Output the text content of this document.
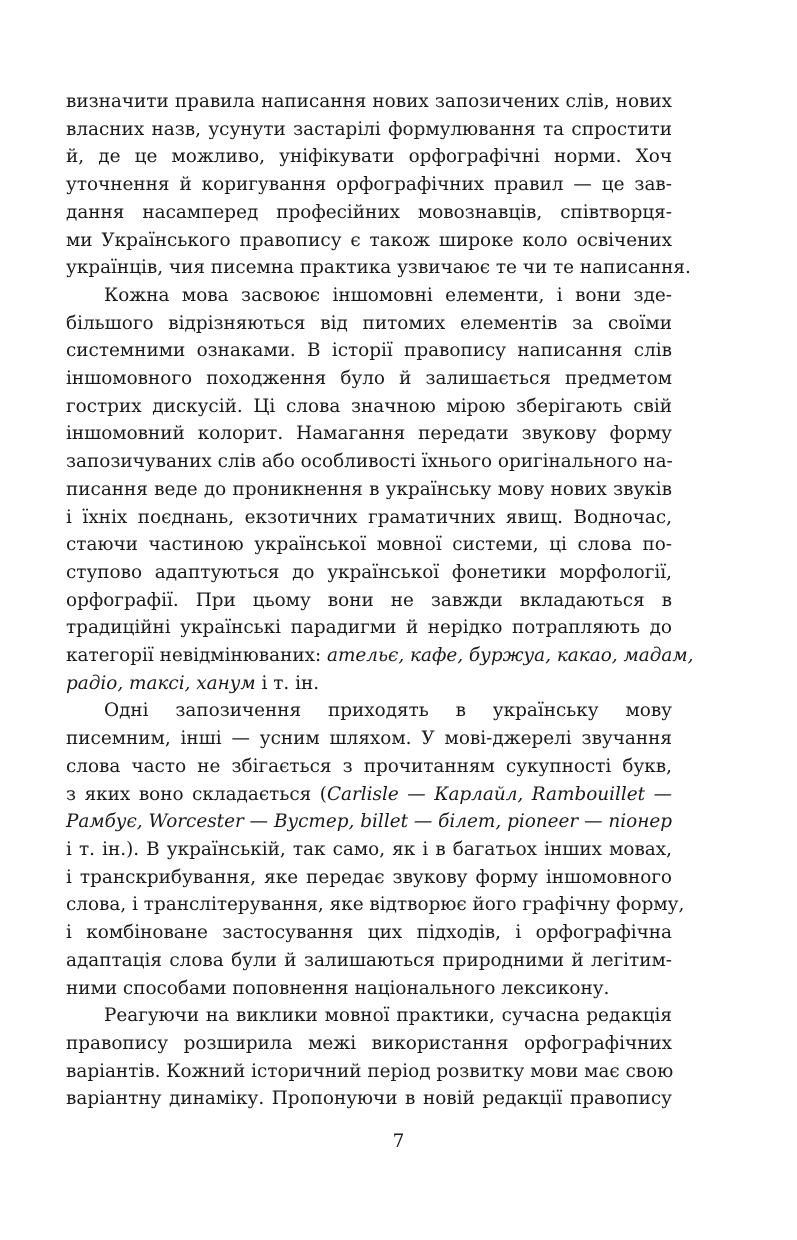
визначити правила написання нових запозичених слів, нових
власних назв, усунути застарілі формулювання та спростити
й, де це можливо, уніфікувати орфографічні норми. Хоч
уточнення й коригування орфографічних правил — це зав-
дання насамперед професійних мовознавців, співтворця-
ми Українського правопису є також широке коло освічених
українців, чия писемна практика узвичаює те чи те написання.
Кожна мова засвоює іншомовні елементи, і вони зде-
більшого відрізняються від питомих елементів за своїми
системними ознаками. В історії правопису написання слів
іншомовного походження було й залишається предметом
гострих дискусій. Ці слова значною мірою зберігають свій
іншомовний колорит. Намагання передати звукову форму
запозичуваних слів або особливості їхнього оригінального на-
писання веде до проникнення в українську мову нових звуків
і їхніх поєднань, екзотичних граматичних явищ. Водночас,
стаючи частиною української мовної системи, ці слова по-
ступово адаптуються до української фонетики морфології,
орфографії. При цьому вони не завжди вкладаються в
традиційні українські парадигми й нерідко потрапляють до
категорії невідмінюваних: ательє, кафе, буржуа, какао, мадам,
радіо, таксі, ханум і т. ін.
Одні запозичення приходять в українську мову
писемним, інші — усним шляхом. У мові-джерелі звучання
слова часто не збігається з прочитанням сукупності букв,
з яких воно складається (Carlisle — Карлайл, Rambouillet —
Рамбує, Worcester — Вустер, billet — білет, pioneer — піонер
і т. ін.). В українській, так само, як і в багатьох інших мовах,
і транскрибування, яке передає звукову форму іншомовного
слова, і транслітерування, яке відтворює його графічну форму,
і комбіноване застосування цих підходів, і орфографічна
адаптація слова були й залишаються природними й легітим-
ними способами поповнення національного лексикону.
Реагуючи на виклики мовної практики, сучасна редакція
правопису розширила межі використання орфографічних
варіантів. Кожний історичний період розвитку мови має свою
варіантну динаміку. Пропонуючи в новій редакції правопису
7
